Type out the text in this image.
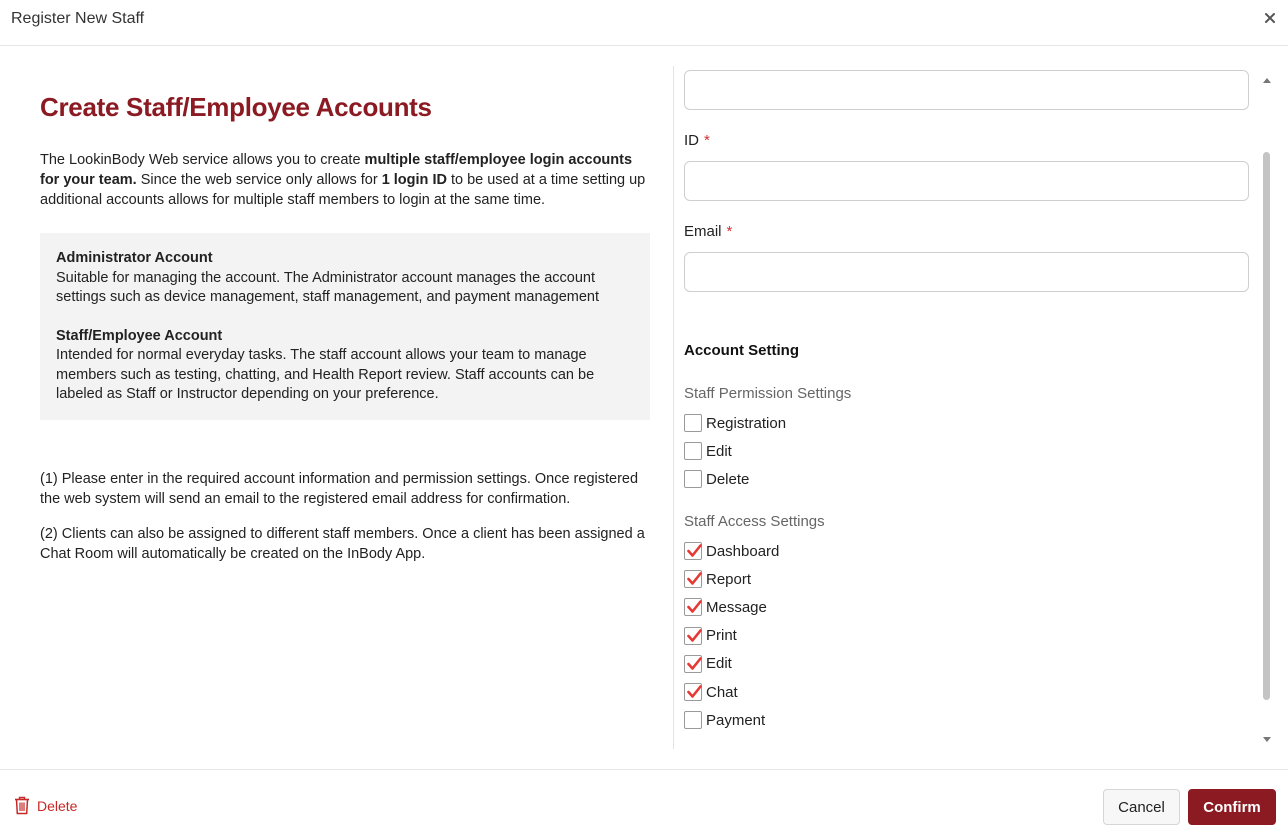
Register New Staff
Create Staff/Employee Accounts
The LookinBody Web service allows you to create multiple staff/employee login accounts for your team. Since the web service only allows for 1 login ID to be used at a time setting up additional accounts allows for multiple staff members to login at the same time.
Administrator Account
Suitable for managing the account. The Administrator account manages the account settings such as device management, staff management, and payment management
Staff/Employee Account
Intended for normal everyday tasks. The staff account allows your team to manage members such as testing, chatting, and Health Report review. Staff accounts can be labeled as Staff or Instructor depending on your preference.
(1) Please enter in the required account information and permission settings. Once registered the web system will send an email to the registered email address for confirmation.
(2) Clients can also be assigned to different staff members. Once a client has been assigned a Chat Room will automatically be created on the InBody App.
ID *
Email *
Account Setting
Staff Permission Settings
Registration
Edit
Delete
Staff Access Settings
Dashboard
Report
Message
Print
Edit
Chat
Payment
Delete	Cancel	Confirm
